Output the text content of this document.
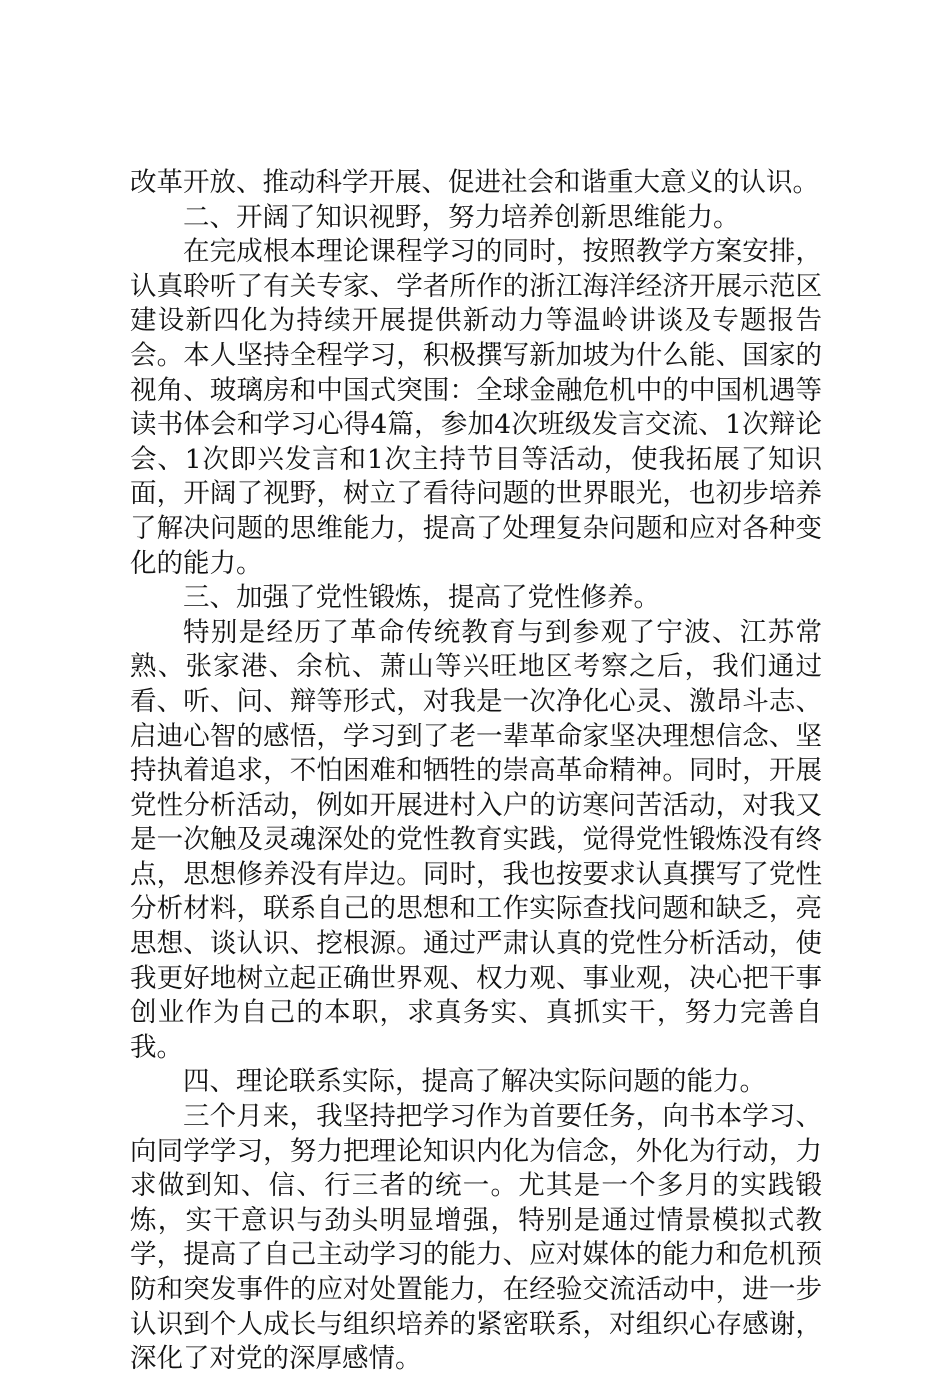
改革开放、推动科学开展、促进社会和谐重大意义的认识。

二、开阔了知识视野，努力培养创新思维能力。

在完成根本理论课程学习的同时，按照教学方案安排，认真聆听了有关专家、学者所作的浙江海洋经济开展示范区建设新四化为持续开展提供新动力等温岭讲谈及专题报告会。本人坚持全程学习，积极撰写新加坡为什么能、国家的视角、玻璃房和中国式突围：全球金融危机中的中国机遇等读书体会和学习心得4篇，参加4次班级发言交流、1次辩论会、1次即兴发言和1次主持节目等活动，使我拓展了知识面，开阔了视野，树立了看待问题的世界眼光，也初步培养了解决问题的思维能力，提高了处理复杂问题和应对各种变化的能力。

三、加强了党性锻炼，提高了党性修养。

特别是经历了革命传统教育与到参观了宁波、江苏常熟、张家港、余杭、萧山等兴旺地区考察之后，我们通过看、听、问、辩等形式，对我是一次净化心灵、激昂斗志、启迪心智的感悟，学习到了老一辈革命家坚决理想信念、坚持执着追求，不怕困难和牺牲的崇高革命精神。同时，开展党性分析活动，例如开展进村入户的访寒问苦活动，对我又是一次触及灵魂深处的党性教育实践，觉得党性锻炼没有终点，思想修养没有岸边。同时，我也按要求认真撰写了党性分析材料，联系自己的思想和工作实际查找问题和缺乏，亮思想、谈认识、挖根源。通过严肃认真的党性分析活动，使我更好地树立起正确世界观、权力观、事业观，决心把干事创业作为自己的本职，求真务实、真抓实干，努力完善自我。

四、理论联系实际，提高了解决实际问题的能力。

三个月来，我坚持把学习作为首要任务，向书本学习、向同学学习，努力把理论知识内化为信念，外化为行动，力求做到知、信、行三者的统一。尤其是一个多月的实践锻炼，实干意识与劲头明显增强，特别是通过情景模拟式教学，提高了自己主动学习的能力、应对媒体的能力和危机预防和突发事件的应对处置能力，在经验交流活动中，进一步认识到个人成长与组织培养的紧密联系，对组织心存感谢，深化了对党的深厚感情。
